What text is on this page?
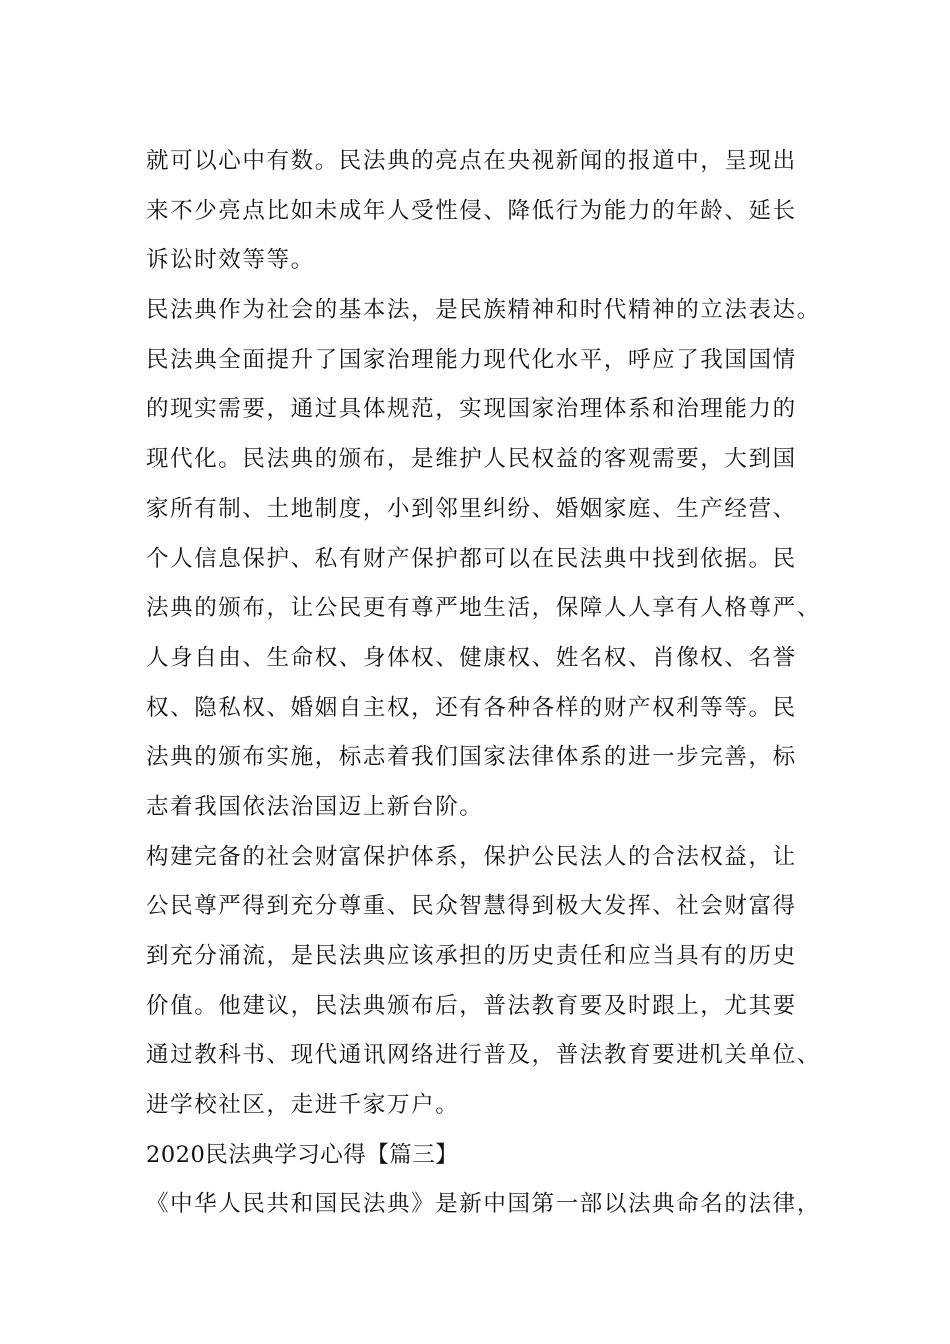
就可以心中有数。民法典的亮点在央视新闻的报道中，呈现出
来不少亮点比如未成年人受性侵、降低行为能力的年龄、延长
诉讼时效等等。
民法典作为社会的基本法，是民族精神和时代精神的立法表达。
民法典全面提升了国家治理能力现代化水平，呼应了我国国情
的现实需要，通过具体规范，实现国家治理体系和治理能力的
现代化。民法典的颁布，是维护人民权益的客观需要，大到国
家所有制、土地制度，小到邻里纠纷、婚姻家庭、生产经营、
个人信息保护、私有财产保护都可以在民法典中找到依据。民
法典的颁布，让公民更有尊严地生活，保障人人享有人格尊严、
人身自由、生命权、身体权、健康权、姓名权、肖像权、名誉
权、隐私权、婚姻自主权，还有各种各样的财产权利等等。民
法典的颁布实施，标志着我们国家法律体系的进一步完善，标
志着我国依法治国迈上新台阶。
构建完备的社会财富保护体系，保护公民法人的合法权益，让
公民尊严得到充分尊重、民众智慧得到极大发挥、社会财富得
到充分涌流，是民法典应该承担的历史责任和应当具有的历史
价值。他建议，民法典颁布后，普法教育要及时跟上，尤其要
通过教科书、现代通讯网络进行普及，普法教育要进机关单位、
进学校社区，走进千家万户。
2020民法典学习心得【篇三】
《中华人民共和国民法典》是新中国第一部以法典命名的法律，
